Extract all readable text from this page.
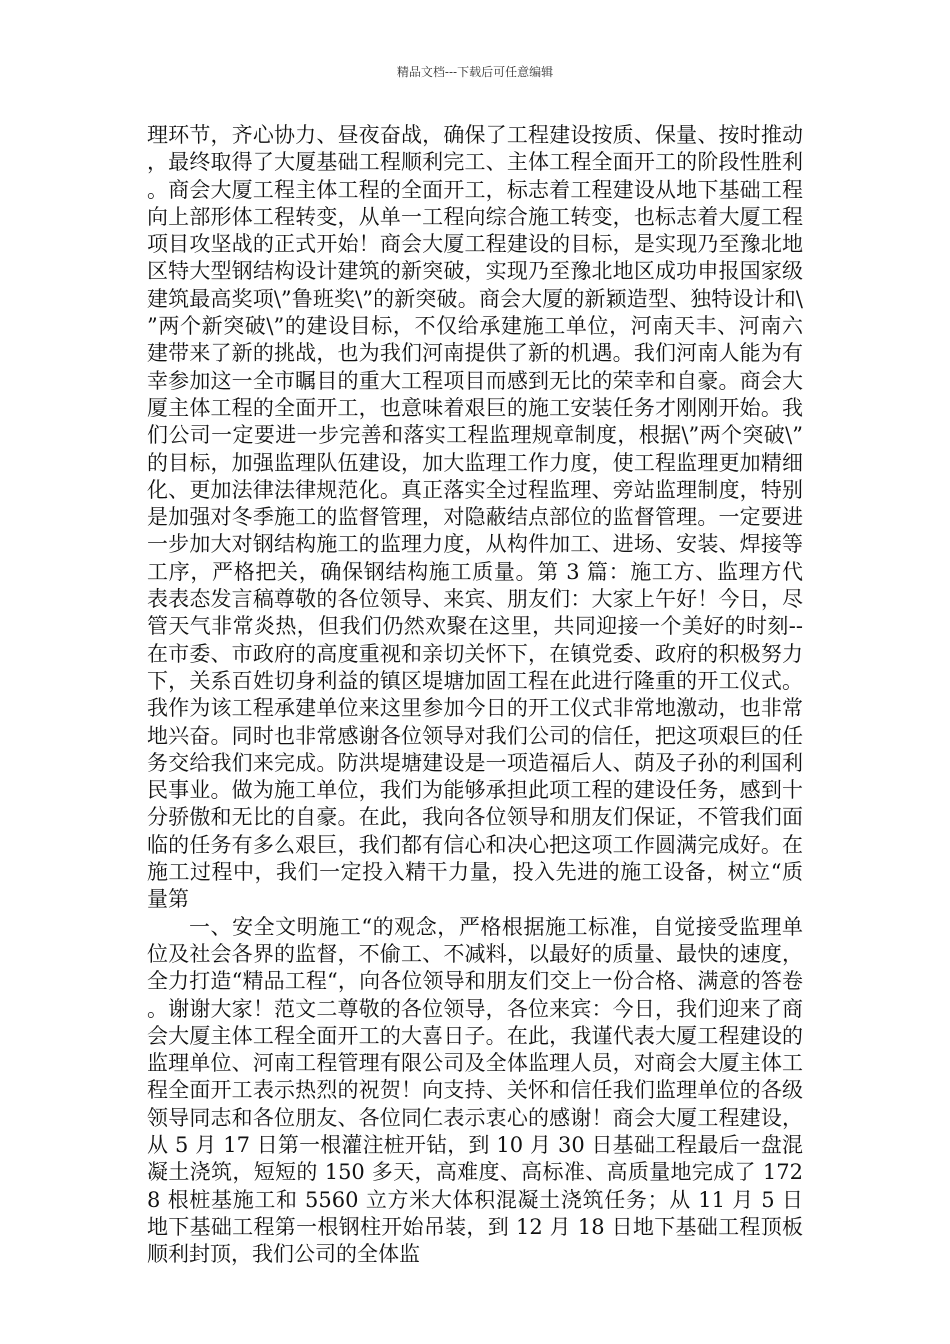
精品文档---下载后可任意编辑

理环节，齐心协力、昼夜奋战，确保了工程建设按质、保量、按时推动，最终取得了大厦基础工程顺利完工、主体工程全面开工的阶段性胜利。商会大厦工程主体工程的全面开工，标志着工程建设从地下基础工程向上部形体工程转变，从单一工程向综合施工转变，也标志着大厦工程项目攻坚战的正式开始！商会大厦工程建设的目标，是实现乃至豫北地区特大型钢结构设计建筑的新突破，实现乃至豫北地区成功申报国家级建筑最高奖项\”鲁班奖\”的新突破。商会大厦的新颖造型、独特设计和\”两个新突破\”的建设目标，不仅给承建施工单位，河南天丰、河南六建带来了新的挑战，也为我们河南提供了新的机遇。我们河南人能为有幸参加这一全市瞩目的重大工程项目而感到无比的荣幸和自豪。商会大厦主体工程的全面开工，也意味着艰巨的施工安装任务才刚刚开始。我们公司一定要进一步完善和落实工程监理规章制度，根据\”两个突破\”的目标，加强监理队伍建设，加大监理工作力度，使工程监理更加精细化、更加法律法律规范化。真正落实全过程监理、旁站监理制度，特别是加强对冬季施工的监督管理，对隐蔽结点部位的监督管理。一定要进一步加大对钢结构施工的监理力度，从构件加工、进场、安装、焊接等工序，严格把关，确保钢结构施工质量。第 3 篇：施工方、监理方代表表态发言稿尊敬的各位领导、来宾、朋友们：大家上午好！今日，尽管天气非常炎热，但我们仍然欢聚在这里，共同迎接一个美好的时刻--在市委、市政府的高度重视和亲切关怀下，在镇党委、政府的积极努力下，关系百姓切身利益的镇区堤塘加固工程在此进行隆重的开工仪式。我作为该工程承建单位来这里参加今日的开工仪式非常地激动，也非常地兴奋。同时也非常感谢各位领导对我们公司的信任，把这项艰巨的任务交给我们来完成。防洪堤塘建设是一项造福后人、荫及子孙的利国利民事业。做为施工单位，我们为能够承担此项工程的建设任务，感到十分骄傲和无比的自豪。在此，我向各位领导和朋友们保证，不管我们面临的任务有多么艰巨，我们都有信心和决心把这项工作圆满完成好。在施工过程中，我们一定投入精干力量，投入先进的施工设备，树立“质量第

一、安全文明施工“的观念，严格根据施工标准，自觉接受监理单位及社会各界的监督，不偷工、不减料，以最好的质量、最快的速度，全力打造“精品工程“，向各位领导和朋友们交上一份合格、满意的答卷。谢谢大家！范文二尊敬的各位领导，各位来宾：今日，我们迎来了商会大厦主体工程全面开工的大喜日子。在此，我谨代表大厦工程建设的监理单位、河南工程管理有限公司及全体监理人员，对商会大厦主体工程全面开工表示热烈的祝贺！向支持、关怀和信任我们监理单位的各级领导同志和各位朋友、各位同仁表示衷心的感谢！商会大厦工程建设，从 5 月 17 日第一根灌注桩开钻，到 10 月 30 日基础工程最后一盘混凝土浇筑，短短的 150 多天，高难度、高标准、高质量地完成了 1728 根桩基施工和 5560 立方米大体积混凝土浇筑任务；从 11 月 5 日地下基础工程第一根钢柱开始吊装，到 12 月 18 日地下基础工程顶板顺利封顶，我们公司的全体监
